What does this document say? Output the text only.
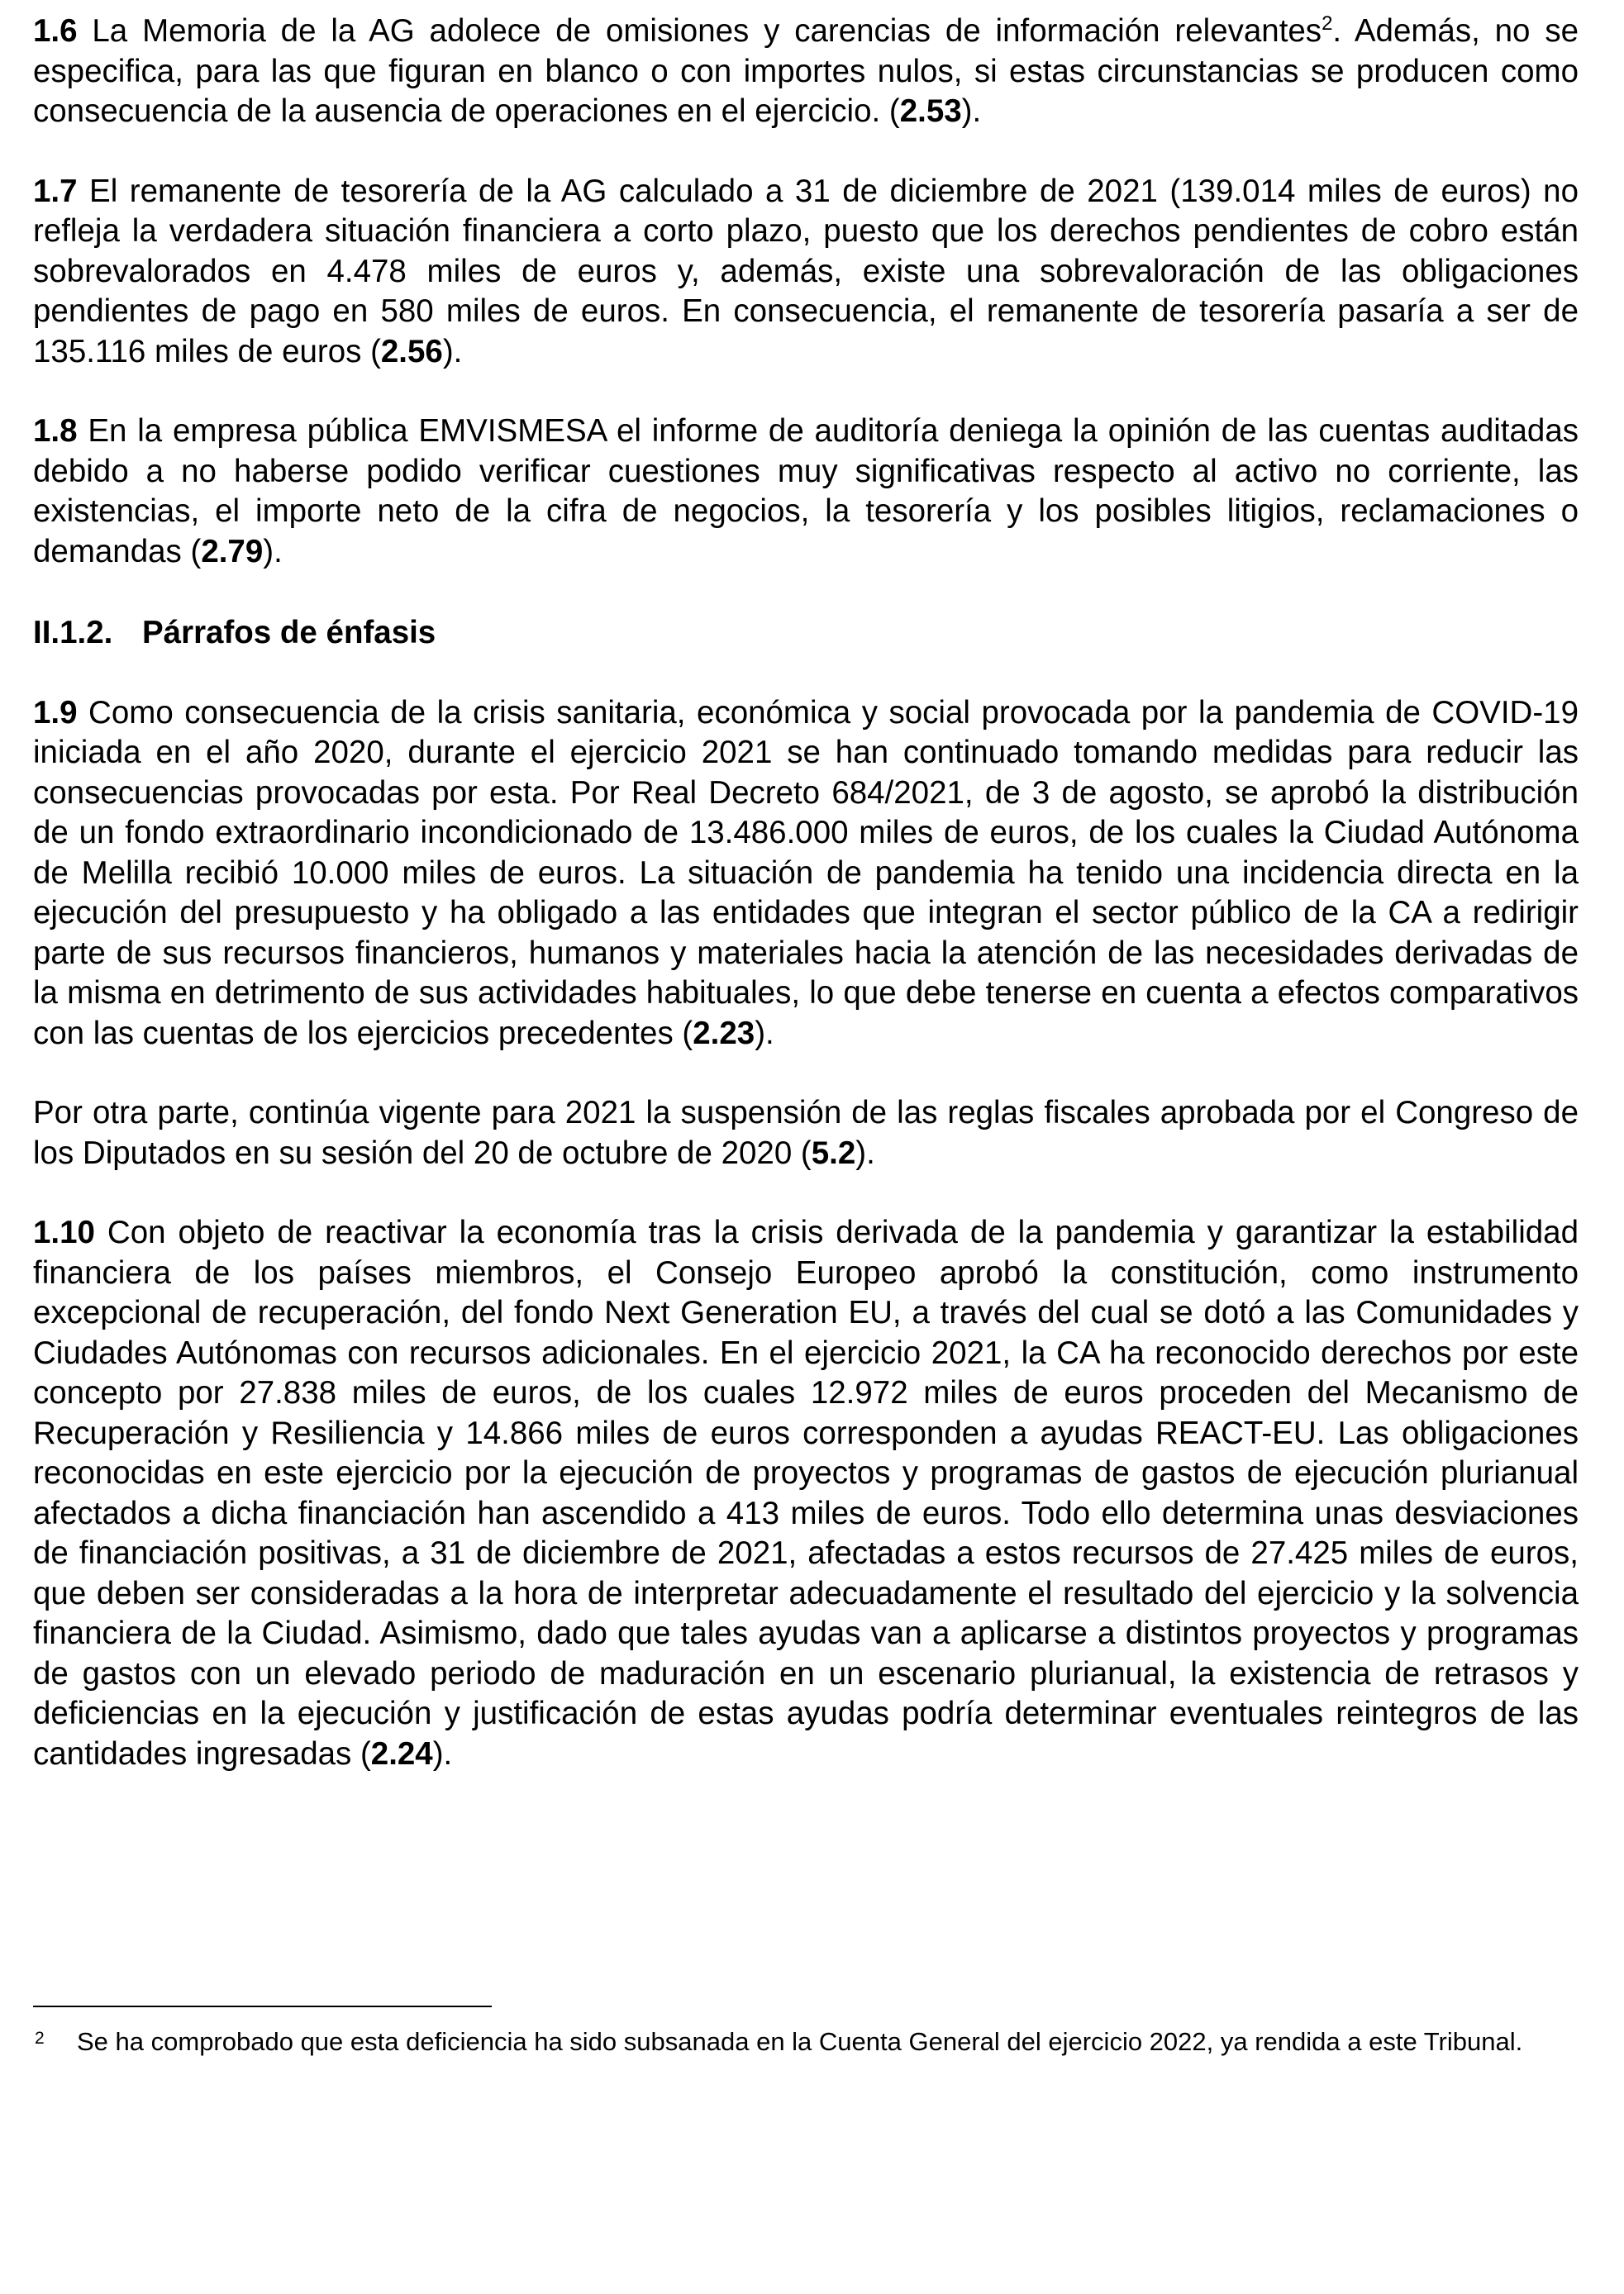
1.6 La Memoria de la AG adolece de omisiones y carencias de información relevantes$^2$. Además, no se especifica, para las que figuran en blanco o con importes nulos, si estas circunstancias se producen como consecuencia de la ausencia de operaciones en el ejercicio. (2.53).

1.7 El remanente de tesorería de la AG calculado a 31 de diciembre de 2021 (139.014 miles de euros) no refleja la verdadera situación financiera a corto plazo, puesto que los derechos pendientes de cobro están sobrevalorados en 4.478 miles de euros y, además, existe una sobrevaloración de las obligaciones pendientes de pago en 580 miles de euros. En consecuencia, el remanente de tesorería pasaría a ser de 135.116 miles de euros (2.56).

1.8 En la empresa pública EMVISMESA el informe de auditoría deniega la opinión de las cuentas auditadas debido a no haberse podido verificar cuestiones muy significativas respecto al activo no corriente, las existencias, el importe neto de la cifra de negocios, la tesorería y los posibles litigios, reclamaciones o demandas (2.79).

II.1.2. Párrafos de énfasis

1.9 Como consecuencia de la crisis sanitaria, económica y social provocada por la pandemia de COVID-19 iniciada en el año 2020, durante el ejercicio 2021 se han continuado tomando medidas para reducir las consecuencias provocadas por esta. Por Real Decreto 684/2021, de 3 de agosto, se aprobó la distribución de un fondo extraordinario incondicionado de 13.486.000 miles de euros, de los cuales la Ciudad Autónoma de Melilla recibió 10.000 miles de euros. La situación de pandemia ha tenido una incidencia directa en la ejecución del presupuesto y ha obligado a las entidades que integran el sector público de la CA a redirigir parte de sus recursos financieros, humanos y materiales hacia la atención de las necesidades derivadas de la misma en detrimento de sus actividades habituales, lo que debe tenerse en cuenta a efectos comparativos con las cuentas de los ejercicios precedentes (2.23).

Por otra parte, continúa vigente para 2021 la suspensión de las reglas fiscales aprobada por el Congreso de los Diputados en su sesión del 20 de octubre de 2020 (5.2).

1.10 Con objeto de reactivar la economía tras la crisis derivada de la pandemia y garantizar la estabilidad financiera de los países miembros, el Consejo Europeo aprobó la constitución, como instrumento excepcional de recuperación, del fondo Next Generation EU, a través del cual se dotó a las Comunidades y Ciudades Autónomas con recursos adicionales. En el ejercicio 2021, la CA ha reconocido derechos por este concepto por 27.838 miles de euros, de los cuales 12.972 miles de euros proceden del Mecanismo de Recuperación y Resiliencia y 14.866 miles de euros corresponden a ayudas REACT-EU. Las obligaciones reconocidas en este ejercicio por la ejecución de proyectos y programas de gastos de ejecución plurianual afectados a dicha financiación han ascendido a 413 miles de euros. Todo ello determina unas desviaciones de financiación positivas, a 31 de diciembre de 2021, afectadas a estos recursos de 27.425 miles de euros, que deben ser consideradas a la hora de interpretar adecuadamente el resultado del ejercicio y la solvencia financiera de la Ciudad. Asimismo, dado que tales ayudas van a aplicarse a distintos proyectos y programas de gastos con un elevado periodo de maduración en un escenario plurianual, la existencia de retrasos y deficiencias en la ejecución y justificación de estas ayudas podría determinar eventuales reintegros de las cantidades ingresadas (2.24).

2 Se ha comprobado que esta deficiencia ha sido subsanada en la Cuenta General del ejercicio 2022, ya rendida a este Tribunal.
